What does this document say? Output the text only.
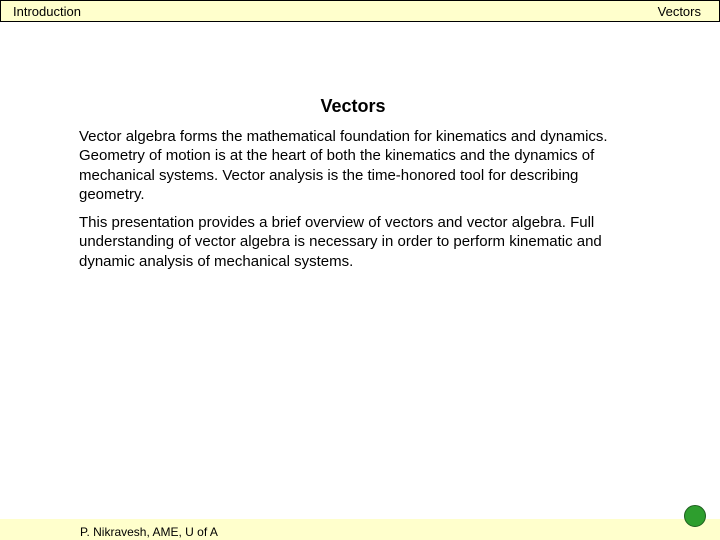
Introduction	Vectors
Vectors

Vector algebra forms the mathematical foundation for kinematics and dynamics. Geometry of motion is at the heart of both the kinematics and the dynamics of mechanical systems. Vector analysis is the time-honored tool for describing geometry.

This presentation provides a brief overview of vectors and vector algebra. Full understanding of vector algebra is necessary in order to perform kinematic and dynamic analysis of mechanical systems.

P. Nikravesh, AME, U of A
